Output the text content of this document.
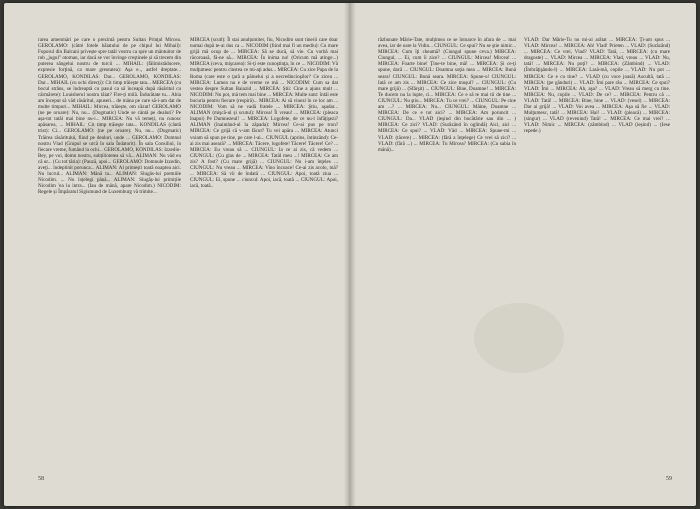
rarea amenmäri pe care o prezintä pentru Sultan Prinţul Mircea. GEROLAMO: (cătré fotele băiatului de pe chipul lui Mihail): Foporul din Balcani privește spre tatăl vostru ca spre un mântuitor de rob „jugul" otoman, iar dacă se vor învinge creştinele și să trecem din puterea sângelui nostru de turcii ... MIHAIL: (fălimistăducere, expresie forţină, ca mare greutatea): Aşa e.., astfel dreptate... GEROLAMO, KONDILAS: Dar... GEROLAMO, KONDILAS: Dar... MIHAIL (cu ochi direcţi): Cit timp trăieşte tata... MERCEA (cu bocul strâns, se îndreaptă cu pasul ca să înceapă după răsăritul cu cârmărete): Louisberul nostru tăiat? Fire-ți milă. Îndurătate tu... Abia am început să văd răsăritul, apuseri... de mâna pe care să-i-am dat de multe timpuri... MIHAIL: Mircea, trăiește, om căzut! GEROLAMO (ne pe oroare): Nu, nu... (Dogmatic) Unde se cântă pe dealuri? Pe așa-tot tatăl mai bine nu-i... MIRCEA: Nu vă temeți, nu cunosc apăsarea, ... MIHAIL: Cit timp trăieşte tata... KONDILAS (cântă trist): Ci... GEROLAMO: (ne pe oroare): Nu, nu... (Dogmatic) Trăirea răsăritului, fiind pe dealuri, unde ... GEROLAMO: Domnul nostru Vlad (Grupul se urcă în sala Îndatorit). În sala Consiliul, în fiecare vreme, fumând la ochi... GEROLAMO, KONDILAS: Izzedin-Bey, pe voi, domn nostru, subțiliotetea să vă... ALIMAN: Nu văd eu că ur... (Cu tot tăria): (Pauză, apoi... GEROLAMO: Domnule Izzedin, aveţi... îndeplinit porunca... ALIMAN: Al primeşti toată noaptea aici. Nu lucrul... ALIMAN: Mână ta... ALIMAN: Slugăs-lui premiile Nicodim. ... Nu înțelegi până... ALIMAN: Slugăș-lui primițile Nicodim 'ea la intra... (Iau de mână, apare Nicodim.) NICODIM: Regele și Împăratul Sigismund de Luxemburg vă trimite...

MIRCEA (scutl): Îl stai anulțumiter, fiu, Nicodim sunt tinerii care doar numai după te-ai dus ca ... NICODIM (fiind mai fi un mediu): Cu mare grijă mă ocup de ... MIRCEA: Să se ducă, să vie. Cu vorbă mai răcoroasă, fă-ne să... MIRCEA: În inima nu! (Oricum mă atinge...) MIRCEA (ceva, mişcarea): Si-ţi este cunoştinţa, în ce ... NICODIM: Vă mulţumesc pentru cinstea ce mi-aţi adus... MIRCEA: Cu zice Papa de la Roma (care este o ţară a pâinelui și a necredincioşilor? Ce zicea ... MIRCEA: Lumea nu e de vreme ce mă ... NICODIM: Cum sa dat vestea despre Sultan Baiazid ... MIRCEA: Știi: Cine a ajuns mult ... NICODIM: Nu pot, mă tem mai bine ... MIRCEA: Multe sunt: întâi este bucuria pentru fiecare (respiră)... MIRCEA: Ai să vinezi în ce loc am ... NICODIM: Vom să ne vadă fratele ... MIRCEA: Ştiu, aşadar... ALIMAN (mişcă-ul și scutul): Mircea! Îl vreau! ... MIRCEA: (pleaca înapoi) Pe Dumnezeul! ... MIRCEA: Logofete, de ce nu-l înfăţişezi? ALIMAN (înaintând-ul la zăpada): Mircea! Ce-ai pus pe tron? MIRCEA: Ce grijă că v-am făcut? Tu vei apăra ... MIRCEA: Atunci voiam să spun pe tine, pe care l-ai... CIUNGUL (aprins, întinzând): Ce-ai zis mai aseară? ... MIRCEA: Tăcere, logofete! Tăcere! Tăcere! Ce? ... MIRCEA: Eu vreau să ... CIUNGUL: Ia ce ai zis, că vedem ... CIUNGUL: (Cu glas de ... MIRCEA: Tatăl meu ...! MIRCEA: Ce am zis? A fost? (Cu mare grijă) ... CIUNGUL: Nu i-am înţeles ... CIUNGUL: Nu vreau ... MIRCEA: Vino încoace! Ce-ai zis acolo, mă? ... MIRCEA: Să vii de îndată ... CIUNGUL: Apoi, toată ziua ... CIUNGUL: Ei, spune ... ciuncul: Apoi, iacă, toată ... CIUNGUL: Apoi, iacă, toată..

răzbunate Mărie-Tate, mulțimea ce se întoarce în afara de ... mai avea, iar de oare la Vidin... CIUNGUL: Ce spui? Nu se ştie nimic... MIRCEA: Cum îţi cheamă? (Ciungul spune ceva.) MIRCEA: Ciungul, ... Ei, cum îi zice? ... CIUNGUL: Mircea! Mircea! ... MIRCEA: Foarte bine! Ţine-te bine, mă! ... MIRCEA: Și ce-ţi spune, dacă ... CIUNGUL: Doamna soţia mea ... MIRCEA: Bună seara! CIUNGUL: Bună seara. MIRCEA: Spune-o! CIUNGUL: Iată ce am zis ... MIRCEA: Ce zice moşul? ... CIUNGUL: (Cu mare grijă) ... (Sfârşit) ... CIUNGUL: Bine, Doamne! ... MIRCEA: Te ducem nu la lupte, ci... MIRCEA: Ce e să te mai tii de tine ... CIUNGUL: Nu ştiu... MIRCEA: Tu ce vrei? ... CIUNGUL: Pe cine am ...? ... MIRCEA: Nu... CIUNGUL: Mâine, Doamne ... MIRCEA: De ce e tot aici? ... MIRCEA: Am poruncit ... CIUNGUL: Da... VLAD (ieşind din bucătărie sau din ... ) MIRCEA: Ce zici? VLAD: (Surâzând în oglindă) Aici, aici ... MIRCEA: Ce spui? ... VLAD: Văd ... MIRCEA: Spune-mi ... VLAD: (tăcere) ... MIRCEA: (fără a înţelege) Ce vrei să zici? ... VLAD: (fără ...) ... MIRCEA: Tu Mircea? MIRCEA: (Cu sabia în mână)...

VLAD: Dar Mărie-Tu nu mi-ai arătat ... MIRCEA: Ţi-am spus ... VLAD: Mircea! ... MIRCEA: Ah! Vlad! Prieten ... VLAD: (Surâzând) ... MIRCEA: Ce vrei, Vlad? VLAD: Tată, ... MIRCEA: (cu mare dragoste) ... VLAD: Mircea ... MIRCEA: Vlad, vreau ... VLAD: Nu, tată! ... MIRCEA: Nu poţi? ... MIRCEA: (Zâmbind) ... VLAD: (Îmbrăţişându-l) ... MIRCEA: Lasă-mă, copile ... VLAD: Nu pot ... MIRCEA: Ce e cu tine? ... VLAD (cu voce joasă) Ascultă, tată ... MIRCEA: (pe gânduri) ... VLAD: Îmi pare rău ... MIRCEA: Ce spui? VLAD: Îmi ... MIRCEA: Ah, aşa? ... VLAD: Vreau să merg cu tine. MIRCEA: Nu, copile ... VLAD: De ce? ... MIRCEA: Pentru că ... VLAD: Tată! ... MIRCEA: Bine, bine ... VLAD: (vesel) ... MIRCEA: Dar ai grijă! ... VLAD: Voi avea ... MIRCEA: Aşa să fie ... VLAD: Mulţumesc, tată! ... MIRCEA: Hai! ... VLAD: (pleacă) ... MIRCEA: (singur) ... VLAD (revenind) Tată! ... MIRCEA: Ce mai vrei? ... VLAD: Nimic ... MIRCEA: (zâmbind) ... VLAD (ieșind) ... (Iese repede.)

58	59
